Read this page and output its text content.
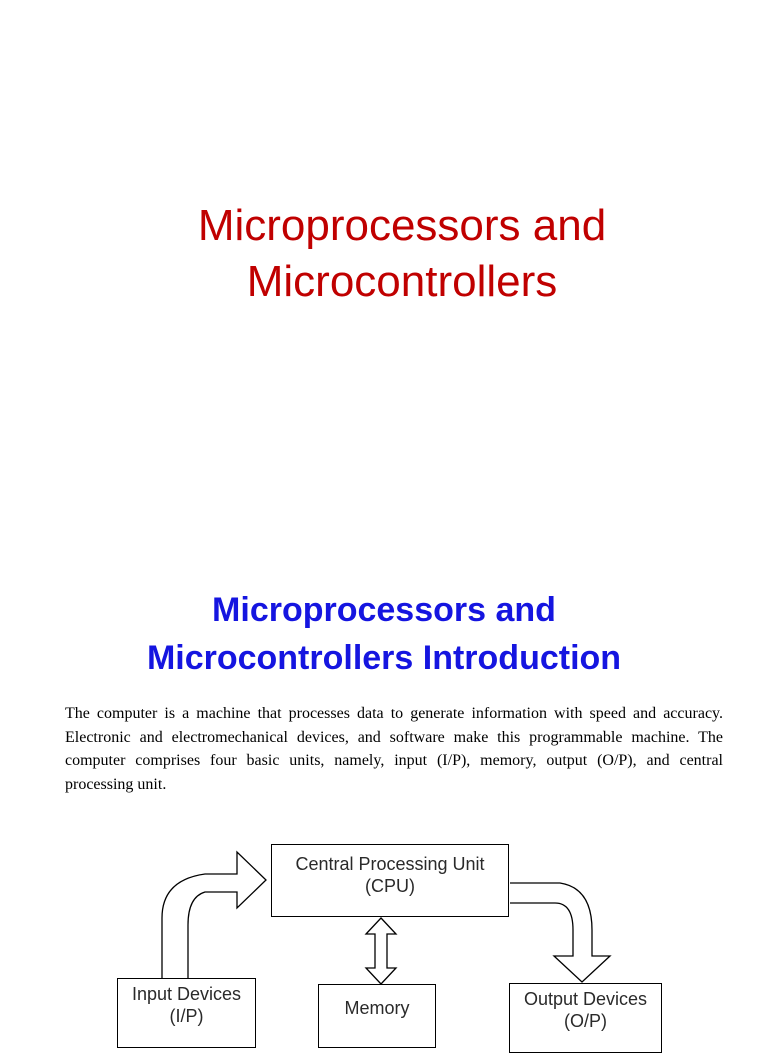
Microprocessors and
Microcontrollers
Microprocessors and
Microcontrollers Introduction

The computer is a machine that processes data to generate information with speed and accuracy. Electronic and electromechanical devices, and software make this programmable machine. The computer comprises four basic units, namely, input (I/P), memory, output (O/P), and central processing unit.

Central Processing Unit
(CPU)
Input Devices
(I/P)	Memory	Output Devices
(O/P)
